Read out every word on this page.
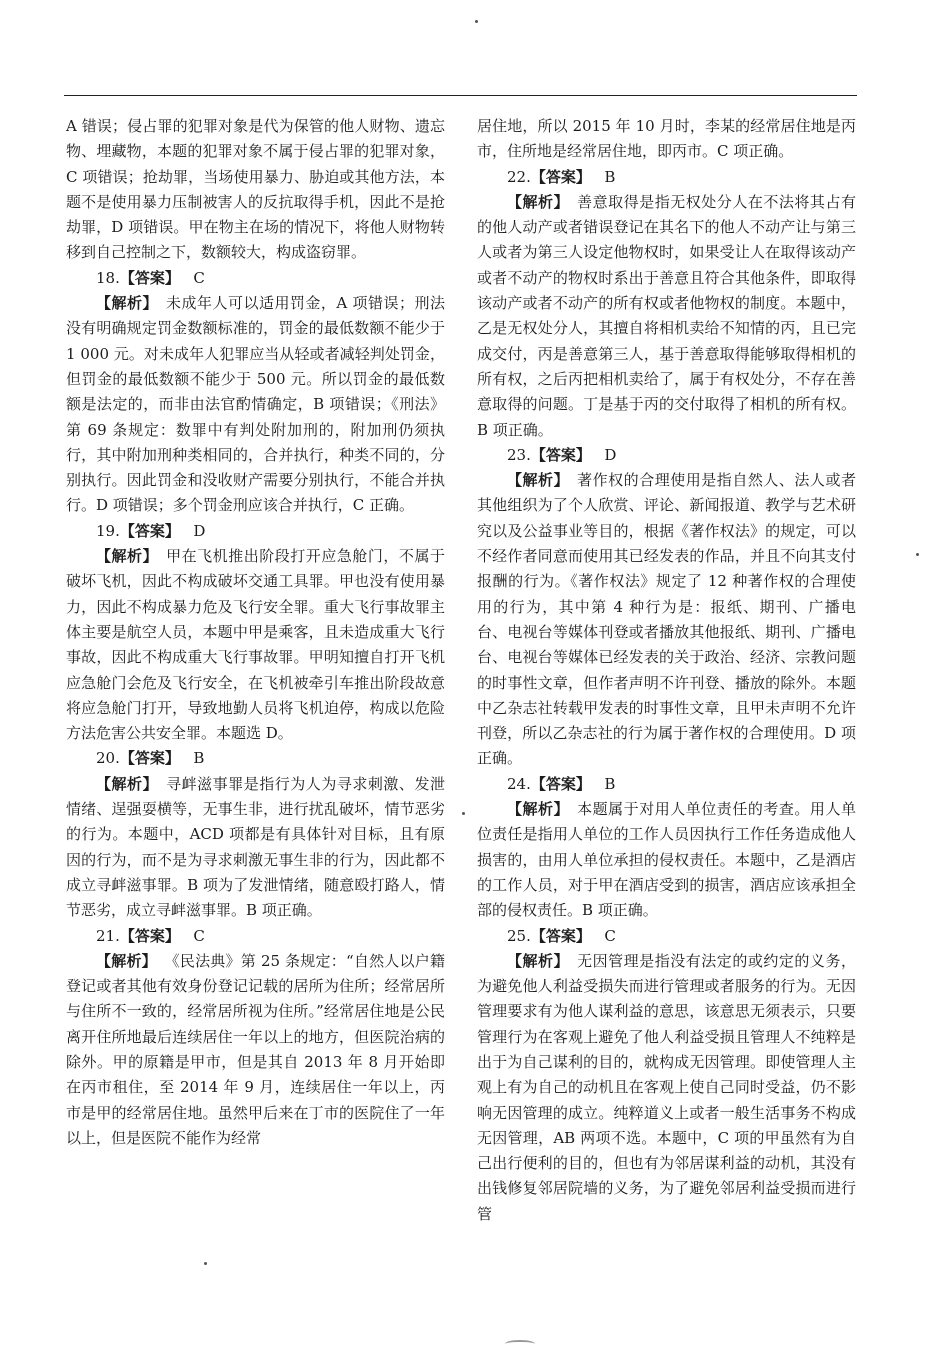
A 错误；侵占罪的犯罪对象是代为保管的他人财物、遗忘物、埋藏物，本题的犯罪对象不属于侵占罪的犯罪对象，C 项错误；抢劫罪，当场使用暴力、胁迫或其他方法，本题不是使用暴力压制被害人的反抗取得手机，因此不是抢劫罪，D 项错误。甲在物主在场的情况下，将他人财物转移到自己控制之下，数额较大，构成盗窃罪。

18.【答案】 C

【解析】  未成年人可以适用罚金，A 项错误；刑法没有明确规定罚金数额标准的，罚金的最低数额不能少于 1 000 元。对未成年人犯罪应当从轻或者减轻判处罚金，但罚金的最低数额不能少于 500 元。所以罚金的最低数额是法定的，而非由法官酌情确定，B 项错误；《刑法》第 69 条规定：数罪中有判处附加刑的，附加刑仍须执行，其中附加刑种类相同的，合并执行，种类不同的，分别执行。因此罚金和没收财产需要分别执行，不能合并执行。D 项错误；多个罚金刑应该合并执行，C 正确。

19.【答案】 D

【解析】  甲在飞机推出阶段打开应急舱门，不属于破坏飞机，因此不构成破坏交通工具罪。甲也没有使用暴力，因此不构成暴力危及飞行安全罪。重大飞行事故罪主体主要是航空人员，本题中甲是乘客，且未造成重大飞行事故，因此不构成重大飞行事故罪。甲明知擅自打开飞机应急舱门会危及飞行安全，在飞机被牵引车推出阶段故意将应急舱门打开，导致地勤人员将飞机迫停，构成以危险方法危害公共安全罪。本题选 D。

20.【答案】 B

【解析】  寻衅滋事罪是指行为人为寻求刺激、发泄情绪、逞强耍横等，无事生非，进行扰乱破坏，情节恶劣的行为。本题中，ACD 项都是有具体针对目标，且有原因的行为，而不是为寻求刺激无事生非的行为，因此都不成立寻衅滋事罪。B 项为了发泄情绪，随意殴打路人，情节恶劣，成立寻衅滋事罪。B 项正确。

21.【答案】 C

【解析】  《民法典》第 25 条规定：“自然人以户籍登记或者其他有效身份登记记载的居所为住所；经常居所与住所不一致的，经常居所视为住所。”经常居住地是公民离开住所地最后连续居住一年以上的地方，但医院治病的除外。甲的原籍是甲市，但是其自 2013 年 8 月开始即在丙市租住，至 2014 年 9 月，连续居住一年以上，丙市是甲的经常居住地。虽然甲后来在丁市的医院住了一年以上，但是医院不能作为经常

居住地，所以 2015 年 10 月时，李某的经常居住地是丙市，住所地是经常居住地，即丙市。C 项正确。

22.【答案】 B

【解析】  善意取得是指无权处分人在不法将其占有的他人动产或者错误登记在其名下的他人不动产让与第三人或者为第三人设定他物权时，如果受让人在取得该动产或者不动产的物权时系出于善意且符合其他条件，即取得该动产或者不动产的所有权或者他物权的制度。本题中，乙是无权处分人，其擅自将相机卖给不知情的丙，且已完成交付，丙是善意第三人，基于善意取得能够取得相机的所有权，之后丙把相机卖给了，属于有权处分，不存在善意取得的问题。丁是基于丙的交付取得了相机的所有权。B 项正确。

23.【答案】 D

【解析】  著作权的合理使用是指自然人、法人或者其他组织为了个人欣赏、评论、新闻报道、教学与艺术研究以及公益事业等目的，根据《著作权法》的规定，可以不经作者同意而使用其已经发表的作品，并且不向其支付报酬的行为。《著作权法》规定了 12 种著作权的合理使用的行为，其中第 4 种行为是：报纸、期刊、广播电台、电视台等媒体刊登或者播放其他报纸、期刊、广播电台、电视台等媒体已经发表的关于政治、经济、宗教问题的时事性文章，但作者声明不许刊登、播放的除外。本题中乙杂志社转载甲发表的时事性文章，且甲未声明不允许刊登，所以乙杂志社的行为属于著作权的合理使用。D 项正确。

24.【答案】 B

【解析】  本题属于对用人单位责任的考查。用人单位责任是指用人单位的工作人员因执行工作任务造成他人损害的，由用人单位承担的侵权责任。本题中，乙是酒店的工作人员，对于甲在酒店受到的损害，酒店应该承担全部的侵权责任。B 项正确。

25.【答案】 C

【解析】  无因管理是指没有法定的或约定的义务，为避免他人利益受损失而进行管理或者服务的行为。无因管理要求有为他人谋利益的意思，该意思无须表示，只要管理行为在客观上避免了他人利益受损且管理人不纯粹是出于为自己谋利的目的，就构成无因管理。即使管理人主观上有为自己的动机且在客观上使自己同时受益，仍不影响无因管理的成立。纯粹道义上或者一般生活事务不构成无因管理，AB 两项不选。本题中，C 项的甲虽然有为自己出行便利的目的，但也有为邻居谋利益的动机，其没有出钱修复邻居院墙的义务，为了避免邻居利益受损而进行管
